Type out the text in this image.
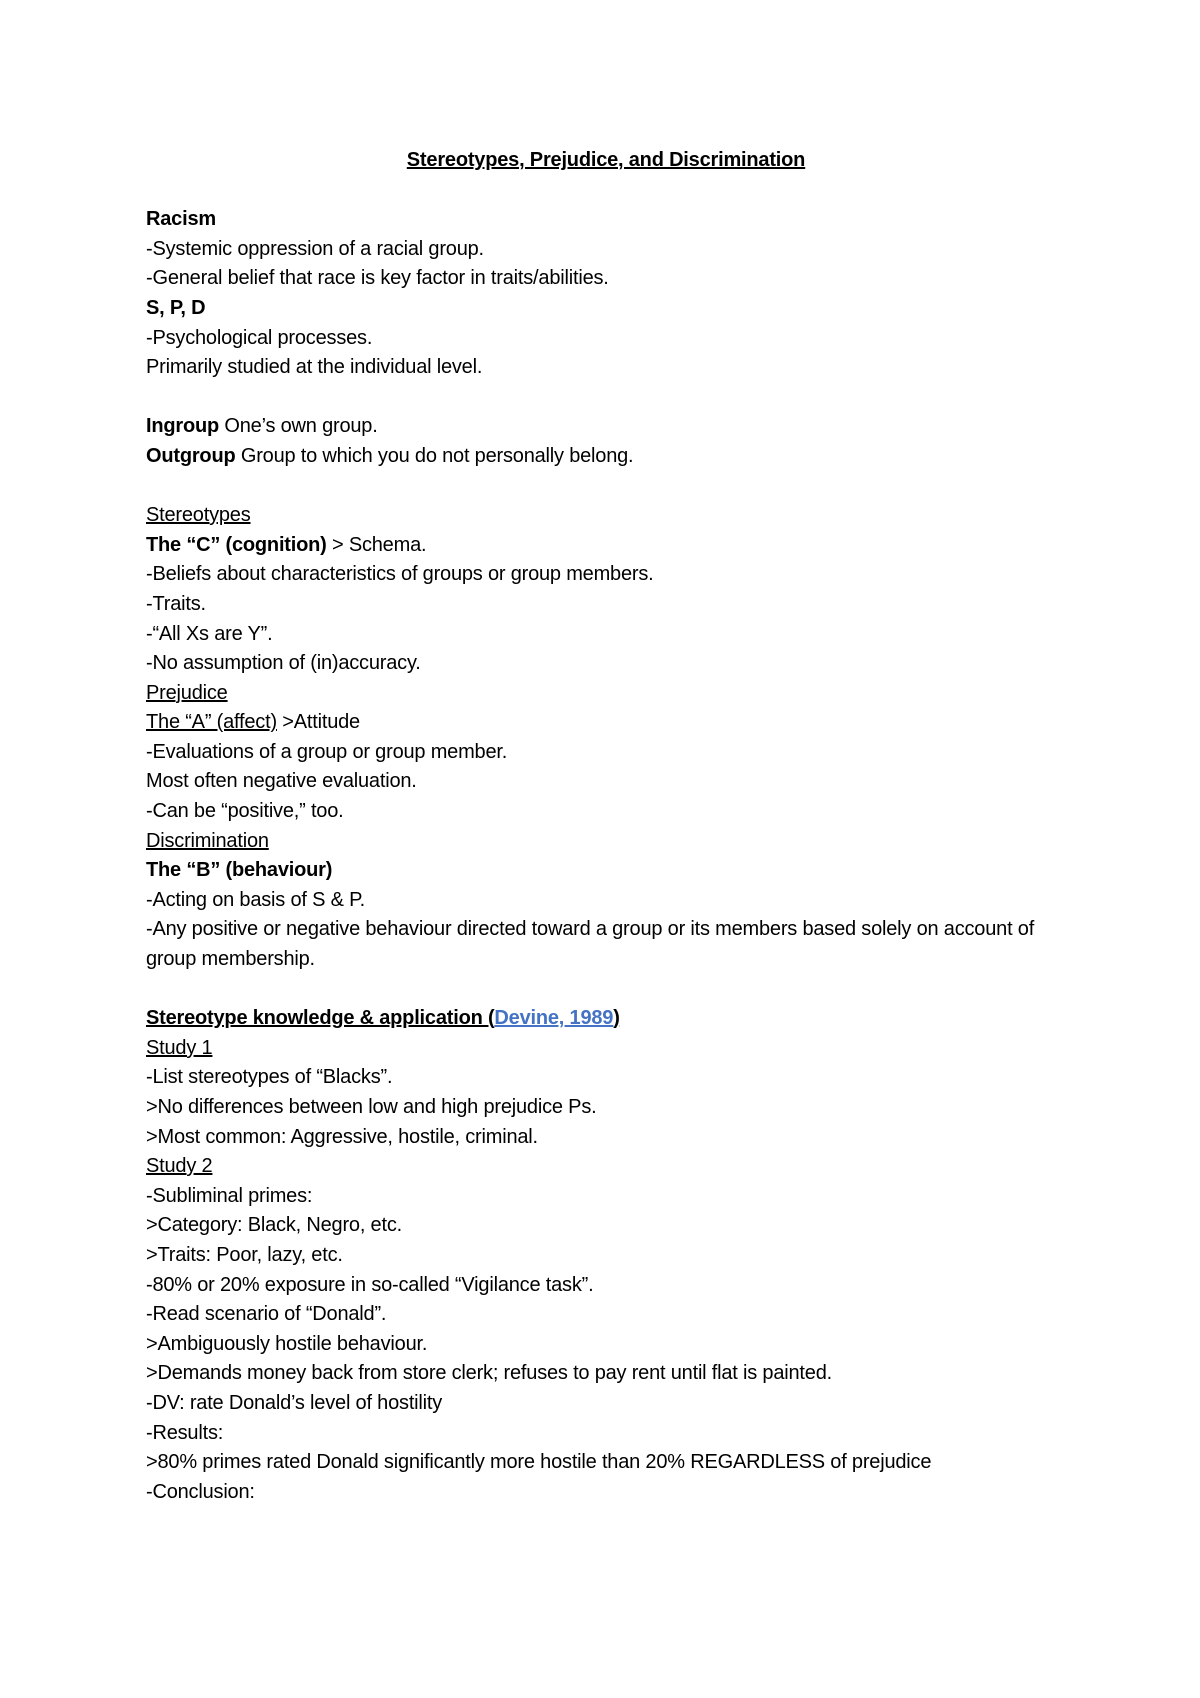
Stereotypes, Prejudice, and Discrimination
Racism
-Systemic oppression of a racial group.
-General belief that race is key factor in traits/abilities.
S, P, D
-Psychological processes.
Primarily studied at the individual level.
Ingroup One’s own group.
Outgroup Group to which you do not personally belong.
Stereotypes
The “C” (cognition) > Schema.
-Beliefs about characteristics of groups or group members.
-Traits.
-“All Xs are Y”.
-No assumption of (in)accuracy.
Prejudice
The “A” (affect) >Attitude
-Evaluations of a group or group member.
Most often negative evaluation.
-Can be “positive,” too.
Discrimination
The “B” (behaviour)
-Acting on basis of S & P.
-Any positive or negative behaviour directed toward a group or its members based solely on account of group membership.
Stereotype knowledge & application (Devine, 1989)
Study 1
-List stereotypes of “Blacks”.
>No differences between low and high prejudice Ps.
>Most common: Aggressive, hostile, criminal.
Study 2
-Subliminal primes:
>Category: Black, Negro, etc.
>Traits: Poor, lazy, etc.
-80% or 20% exposure in so-called “Vigilance task”.
-Read scenario of “Donald”.
>Ambiguously hostile behaviour.
>Demands money back from store clerk; refuses to pay rent until flat is painted.
-DV: rate Donald’s level of hostility
-Results:
>80% primes rated Donald significantly more hostile than 20% REGARDLESS of prejudice
-Conclusion:
